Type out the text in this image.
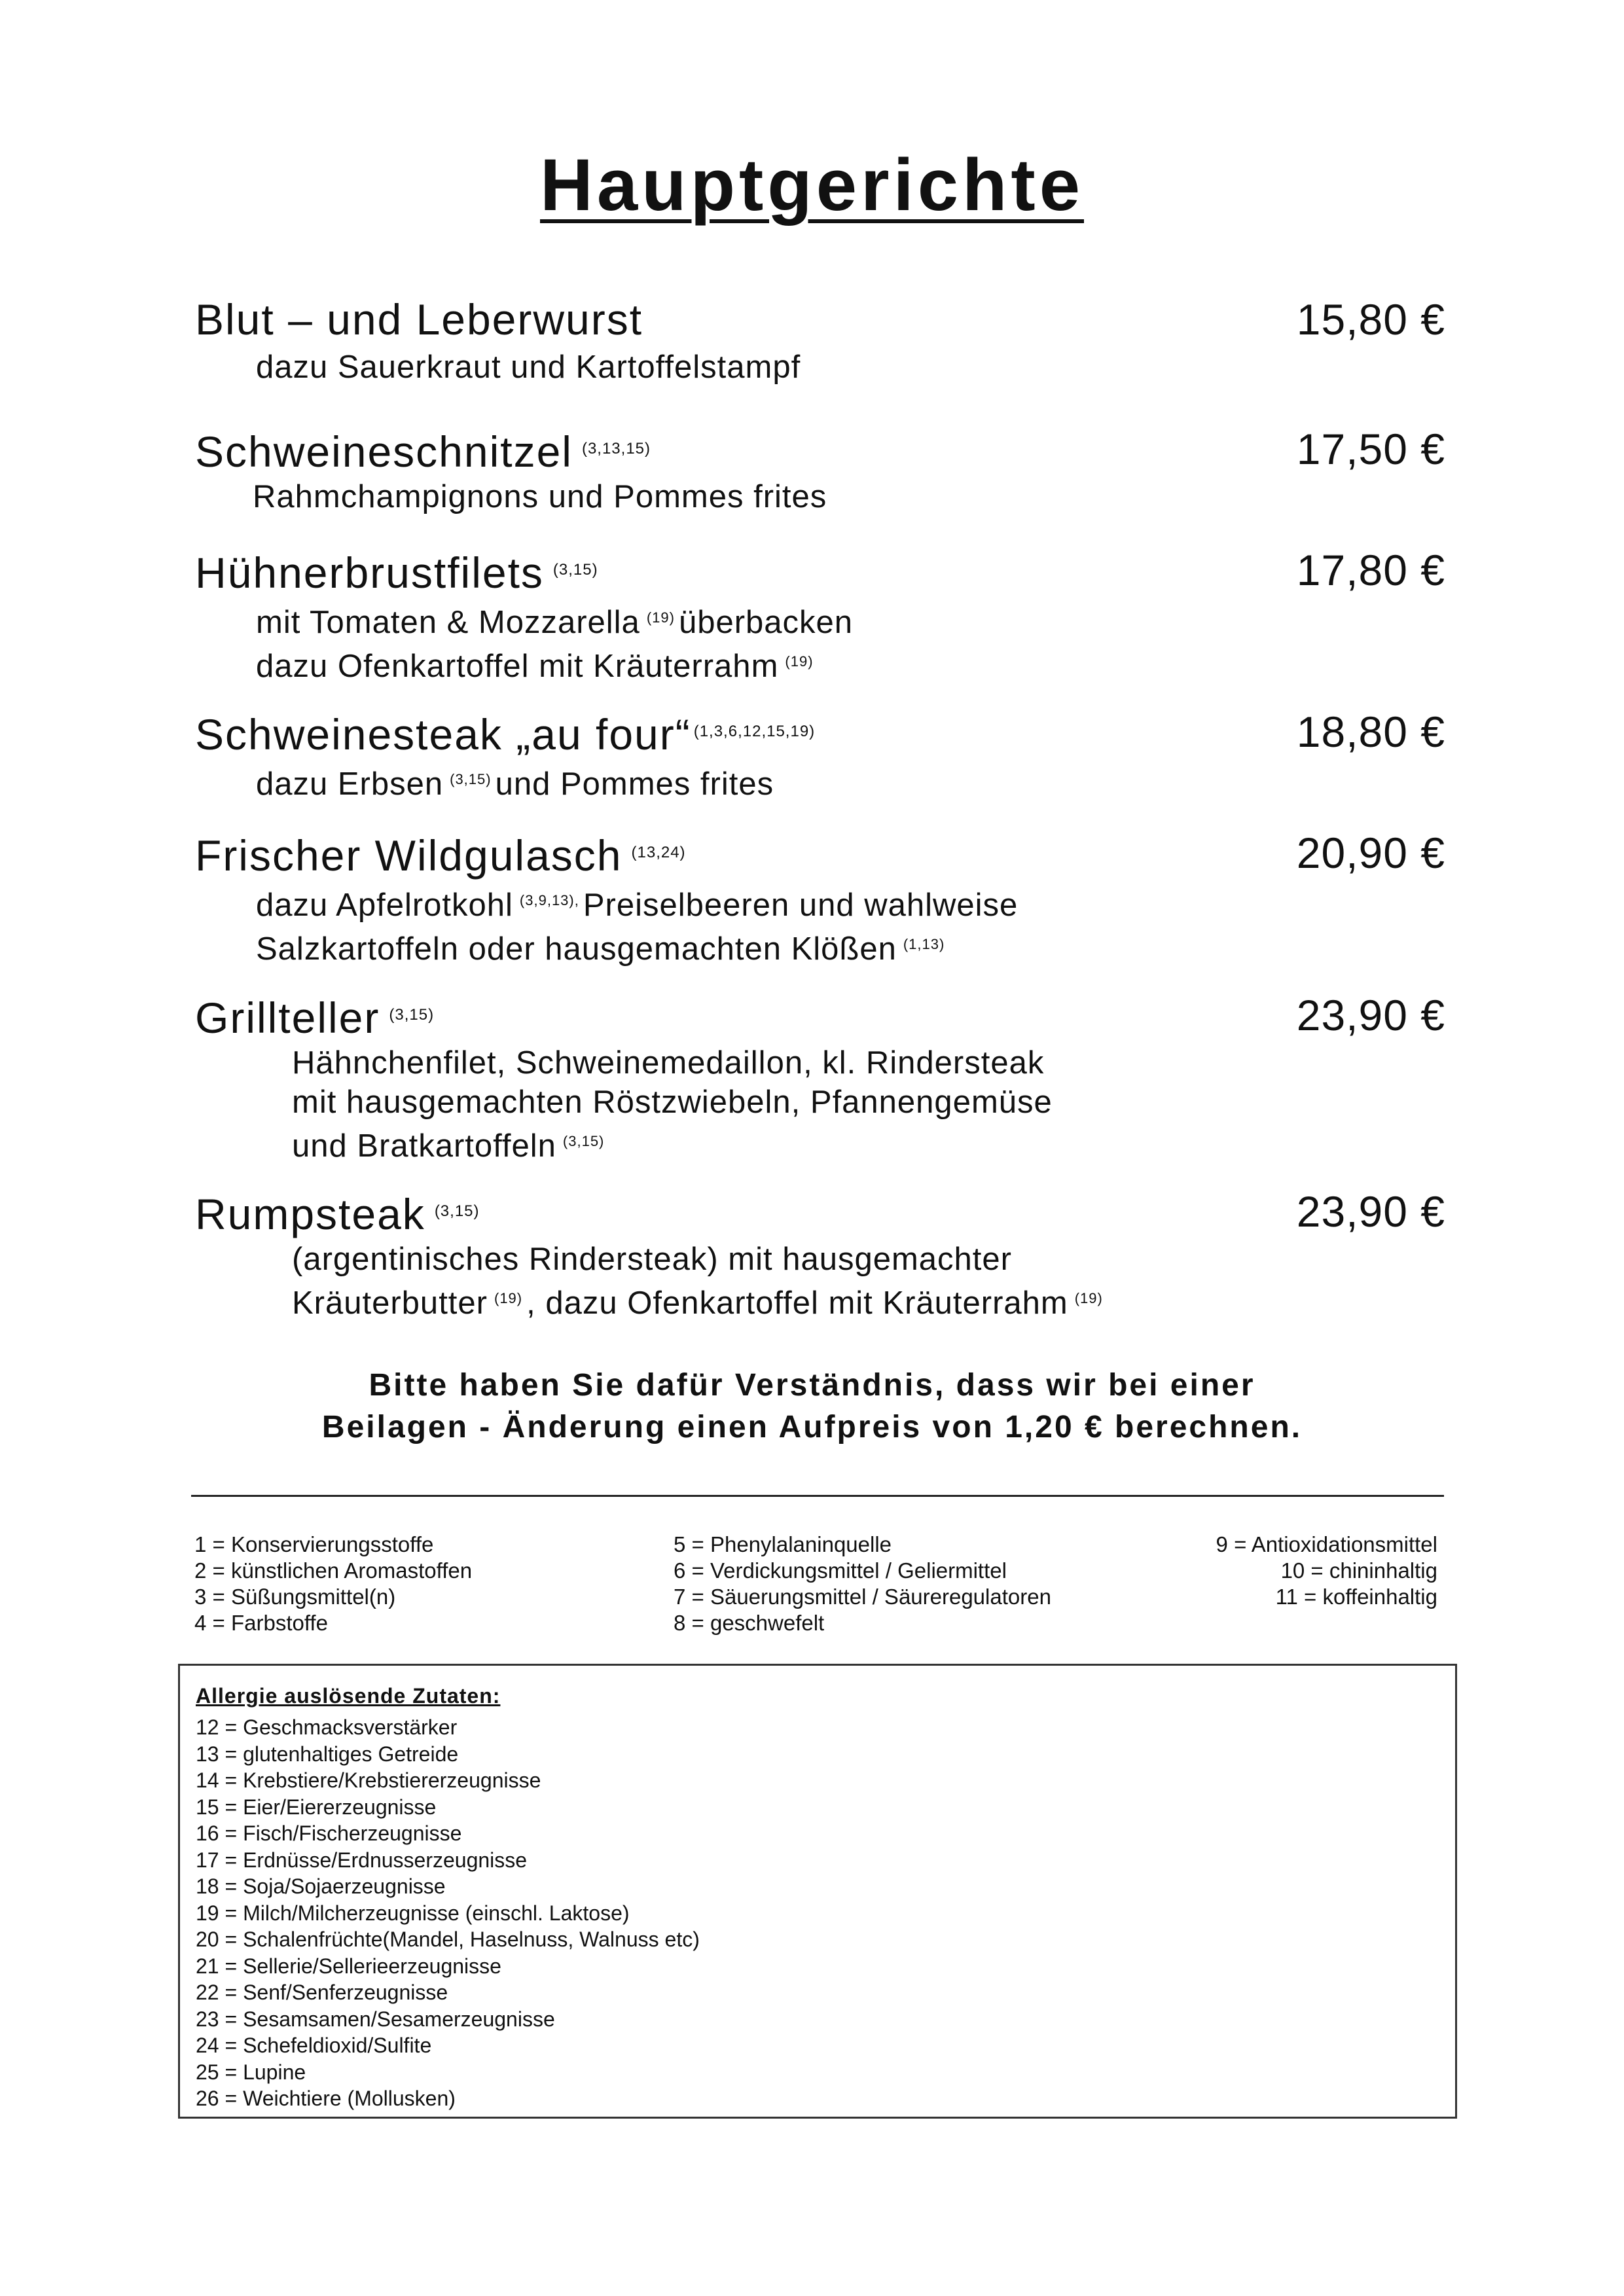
Hauptgerichte
Blut – und Leberwurst	15,80 €
dazu Sauerkraut und Kartoffelstampf
Schweineschnitzel $^{(3,13,15)}$	17,50 €
Rahmchampignons und Pommes frites
Hühnerbrustfilets $^{(3,15)}$	17,80 €
mit Tomaten & Mozzarella $^{(19)}$ überbacken
dazu Ofenkartoffel mit Kräuterrahm $^{(19)}$
Schweinesteak „au four“ $^{(1,3,6,12,15,19)}$	18,80 €
dazu Erbsen $^{(3,15)}$ und Pommes frites
Frischer Wildgulasch $^{(13,24)}$	20,90 €
dazu Apfelrotkohl $^{(3,9,13),}$ Preiselbeeren und wahlweise
Salzkartoffeln oder hausgemachten Klößen $^{(1,13)}$
Grillteller $^{(3,15)}$	23,90 €
Hähnchenfilet, Schweinemedaillon, kl. Rindersteak
mit hausgemachten Röstzwiebeln, Pfannengemüse
und Bratkartoffeln $^{(3,15)}$
Rumpsteak $^{(3,15)}$	23,90 €
(argentinisches Rindersteak) mit hausgemachter
Kräuterbutter $^{(19)}$ , dazu Ofenkartoffel mit Kräuterrahm $^{(19)}$
Bitte haben Sie dafür Verständnis, dass wir bei einer
Beilagen - Änderung einen Aufpreis von 1,20 € berechnen.
1 = Konservierungsstoffe
2 = künstlichen Aromastoffen
3 = Süßungsmittel(n)
4 = Farbstoffe
5 = Phenylalaninquelle
6 = Verdickungsmittel / Geliermittel
7 = Säuerungsmittel / Säureregulatoren
8 = geschwefelt
9 = Antioxidationsmittel
10 = chininhaltig
11 = koffeinhaltig
Allergie auslösende Zutaten:
12 = Geschmacksverstärker
13 = glutenhaltiges Getreide
14 = Krebstiere/Krebstiererzeugnisse
15 = Eier/Eiererzeugnisse
16 = Fisch/Fischerzeugnisse
17 = Erdnüsse/Erdnusserzeugnisse
18 = Soja/Sojaerzeugnisse
19 = Milch/Milcherzeugnisse (einschl. Laktose)
20 = Schalenfrüchte(Mandel, Haselnuss, Walnuss etc)
21 = Sellerie/Sellerieerzeugnisse
22 = Senf/Senferzeugnisse
23 = Sesamsamen/Sesamerzeugnisse
24 = Schefeldioxid/Sulfite
25 = Lupine
26 = Weichtiere (Mollusken)
